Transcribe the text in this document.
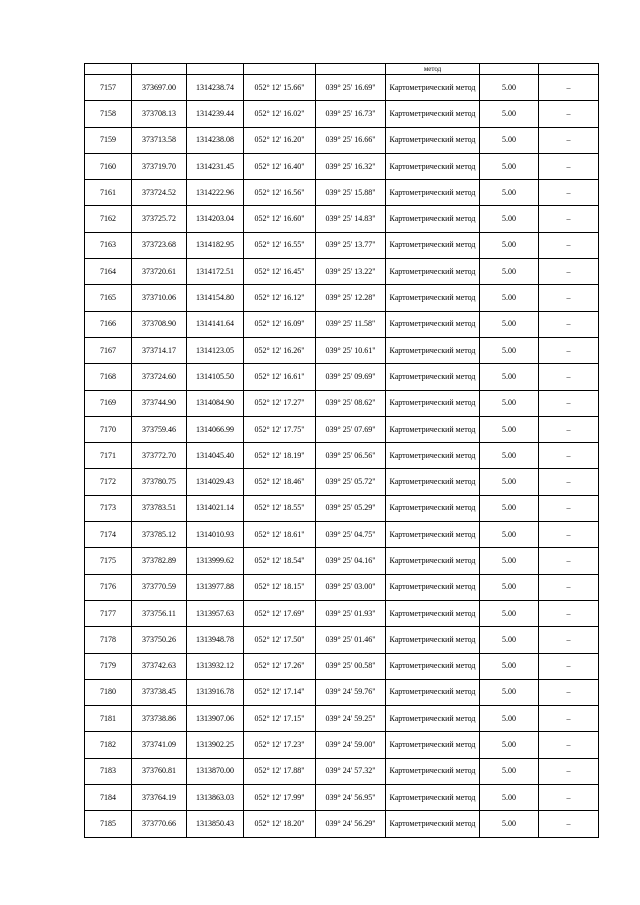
					метод		
7157	373697.00	1314238.74	052° 12' 15.66"	039° 25' 16.69"	Картометрический метод	5.00	–
7158	373708.13	1314239.44	052° 12' 16.02"	039° 25' 16.73"	Картометрический метод	5.00	–
7159	373713.58	1314238.08	052° 12' 16.20"	039° 25' 16.66"	Картометрический метод	5.00	–
7160	373719.70	1314231.45	052° 12' 16.40"	039° 25' 16.32"	Картометрический метод	5.00	–
7161	373724.52	1314222.96	052° 12' 16.56"	039° 25' 15.88"	Картометрический метод	5.00	–
7162	373725.72	1314203.04	052° 12' 16.60"	039° 25' 14.83"	Картометрический метод	5.00	–
7163	373723.68	1314182.95	052° 12' 16.55"	039° 25' 13.77"	Картометрический метод	5.00	–
7164	373720.61	1314172.51	052° 12' 16.45"	039° 25' 13.22"	Картометрический метод	5.00	–
7165	373710.06	1314154.80	052° 12' 16.12"	039° 25' 12.28"	Картометрический метод	5.00	–
7166	373708.90	1314141.64	052° 12' 16.09"	039° 25' 11.58"	Картометрический метод	5.00	–
7167	373714.17	1314123.05	052° 12' 16.26"	039° 25' 10.61"	Картометрический метод	5.00	–
7168	373724.60	1314105.50	052° 12' 16.61"	039° 25' 09.69"	Картометрический метод	5.00	–
7169	373744.90	1314084.90	052° 12' 17.27"	039° 25' 08.62"	Картометрический метод	5.00	–
7170	373759.46	1314066.99	052° 12' 17.75"	039° 25' 07.69"	Картометрический метод	5.00	–
7171	373772.70	1314045.40	052° 12' 18.19"	039° 25' 06.56"	Картометрический метод	5.00	–
7172	373780.75	1314029.43	052° 12' 18.46"	039° 25' 05.72"	Картометрический метод	5.00	–
7173	373783.51	1314021.14	052° 12' 18.55"	039° 25' 05.29"	Картометрический метод	5.00	–
7174	373785.12	1314010.93	052° 12' 18.61"	039° 25' 04.75"	Картометрический метод	5.00	–
7175	373782.89	1313999.62	052° 12' 18.54"	039° 25' 04.16"	Картометрический метод	5.00	–
7176	373770.59	1313977.88	052° 12' 18.15"	039° 25' 03.00"	Картометрический метод	5.00	–
7177	373756.11	1313957.63	052° 12' 17.69"	039° 25' 01.93"	Картометрический метод	5.00	–
7178	373750.26	1313948.78	052° 12' 17.50"	039° 25' 01.46"	Картометрический метод	5.00	–
7179	373742.63	1313932.12	052° 12' 17.26"	039° 25' 00.58"	Картометрический метод	5.00	–
7180	373738.45	1313916.78	052° 12' 17.14"	039° 24' 59.76"	Картометрический метод	5.00	–
7181	373738.86	1313907.06	052° 12' 17.15"	039° 24' 59.25"	Картометрический метод	5.00	–
7182	373741.09	1313902.25	052° 12' 17.23"	039° 24' 59.00"	Картометрический метод	5.00	–
7183	373760.81	1313870.00	052° 12' 17.88"	039° 24' 57.32"	Картометрический метод	5.00	–
7184	373764.19	1313863.03	052° 12' 17.99"	039° 24' 56.95"	Картометрический метод	5.00	–
7185	373770.66	1313850.43	052° 12' 18.20"	039° 24' 56.29"	Картометрический метод	5.00	–
